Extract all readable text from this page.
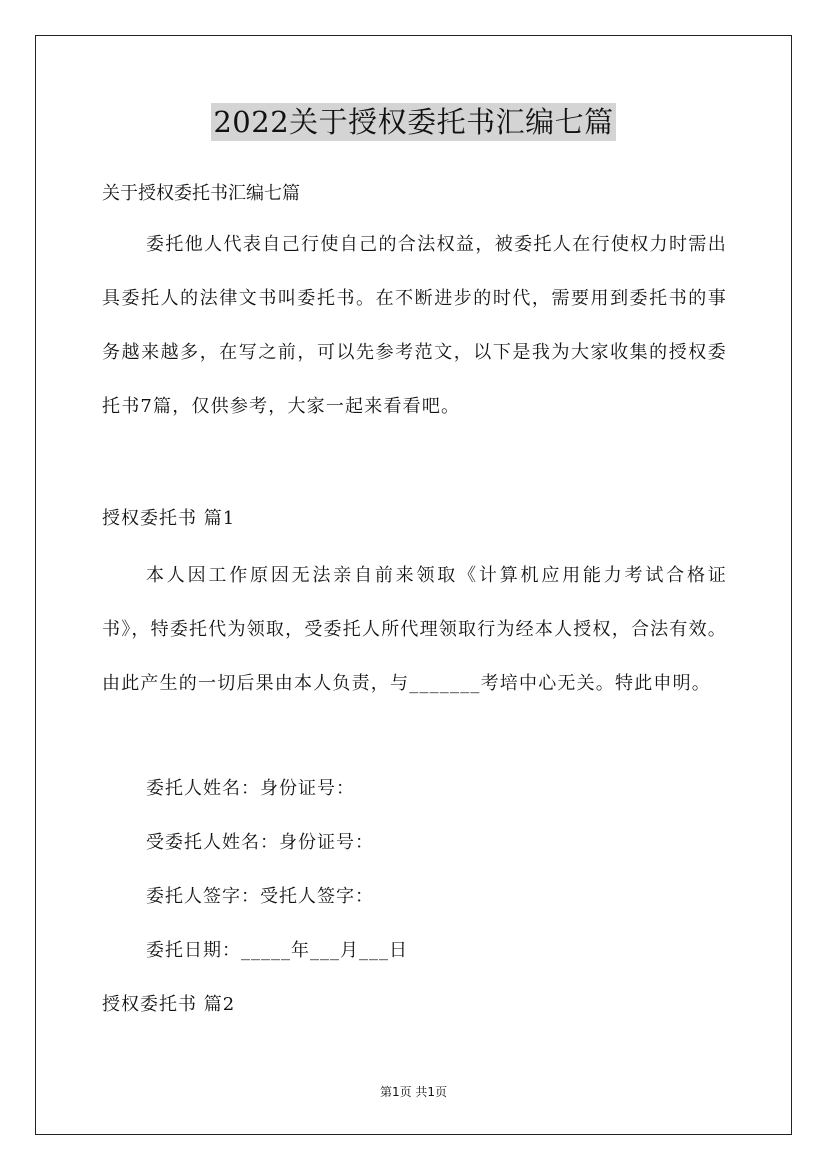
2022关于授权委托书汇编七篇
关于授权委托书汇编七篇

委托他人代表自己行使自己的合法权益，被委托人在行使权力时需出具委托人的法律文书叫委托书。在不断进步的时代，需要用到委托书的事务越来越多，在写之前，可以先参考范文，以下是我为大家收集的授权委托书7篇，仅供参考，大家一起来看看吧。

授权委托书 篇1

本人因工作原因无法亲自前来领取《计算机应用能力考试合格证书》，特委托代为领取，受委托人所代理领取行为经本人授权，合法有效。由此产生的一切后果由本人负责，与_______考培中心无关。特此申明。

委托人姓名：身份证号：
受委托人姓名：身份证号：
委托人签字：受托人签字：
委托日期：_____年___月___日
授权委托书 篇2
第1页 共1页
